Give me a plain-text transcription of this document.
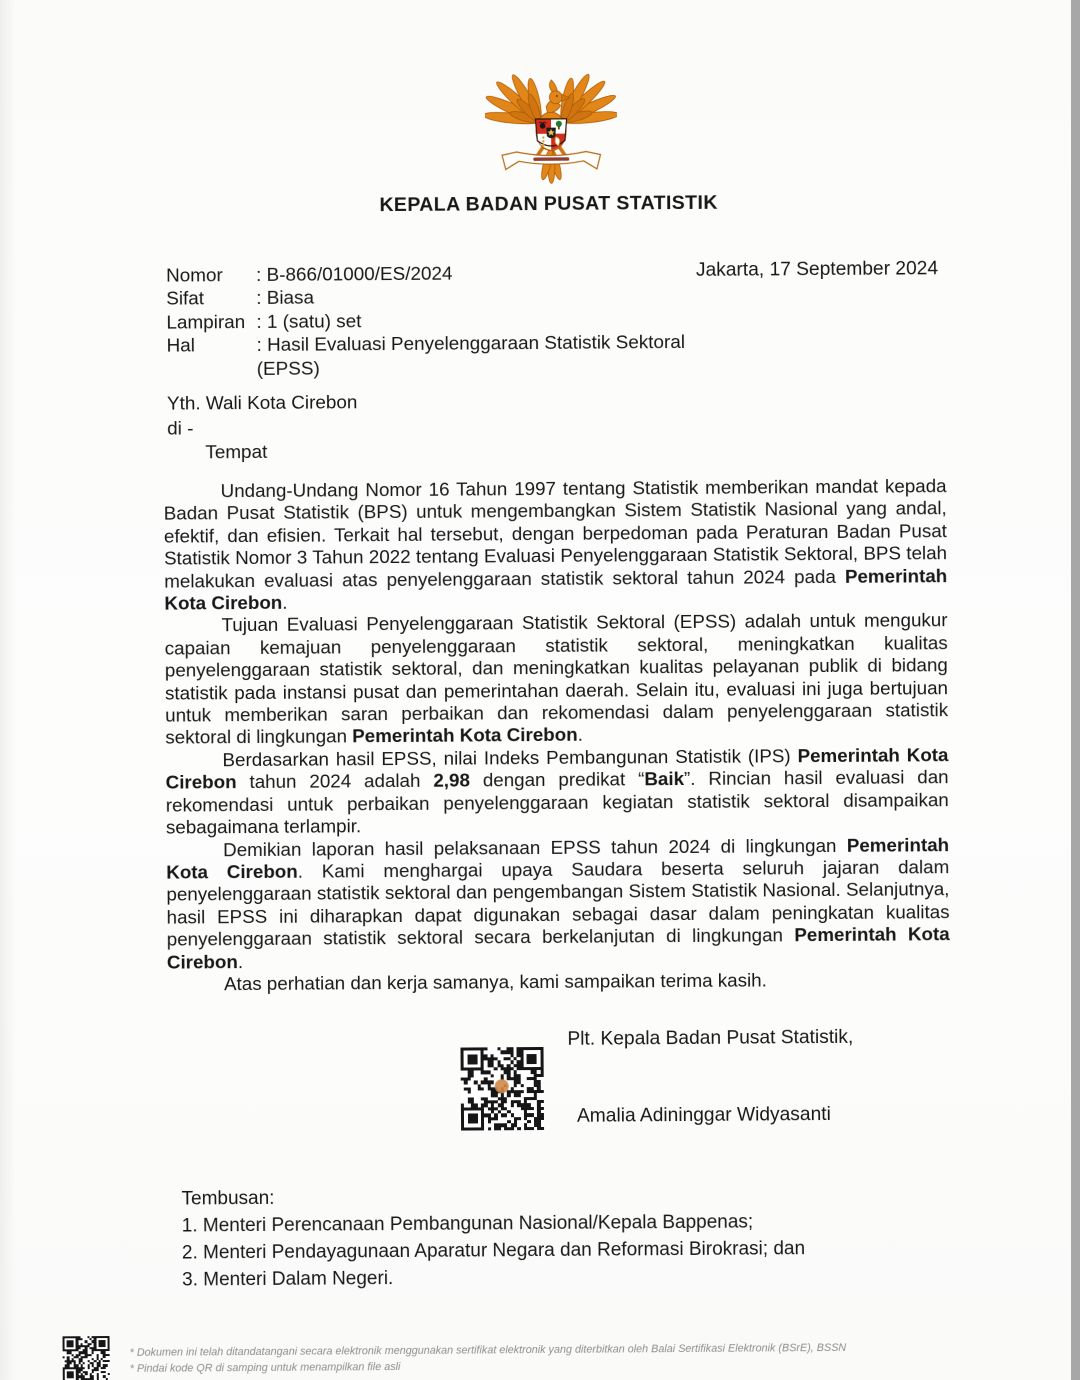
KEPALA BADAN PUSAT STATISTIK
Nomor	: B-866/01000/ES/2024
Sifat	: Biasa
Lampiran : 1 (satu) set
Hal	: Hasil Evaluasi Penyelenggaraan Statistik Sektoral (EPSS)
Jakarta, 17 September 2024
Yth. Wali Kota Cirebon
di -
Tempat

Undang-Undang Nomor 16 Tahun 1997 tentang Statistik memberikan mandat kepada Badan Pusat Statistik (BPS) untuk mengembangkan Sistem Statistik Nasional yang andal, efektif, dan efisien. Terkait hal tersebut, dengan berpedoman pada Peraturan Badan Pusat Statistik Nomor 3 Tahun 2022 tentang Evaluasi Penyelenggaraan Statistik Sektoral, BPS telah melakukan evaluasi atas penyelenggaraan statistik sektoral tahun 2024 pada Pemerintah Kota Cirebon.

Tujuan Evaluasi Penyelenggaraan Statistik Sektoral (EPSS) adalah untuk mengukur capaian kemajuan penyelenggaraan statistik sektoral, meningkatkan kualitas penyelenggaraan statistik sektoral, dan meningkatkan kualitas pelayanan publik di bidang statistik pada instansi pusat dan pemerintahan daerah. Selain itu, evaluasi ini juga bertujuan untuk memberikan saran perbaikan dan rekomendasi dalam penyelenggaraan statistik sektoral di lingkungan Pemerintah Kota Cirebon.

Berdasarkan hasil EPSS, nilai Indeks Pembangunan Statistik (IPS) Pemerintah Kota Cirebon tahun 2024 adalah 2,98 dengan predikat “Baik”. Rincian hasil evaluasi dan rekomendasi untuk perbaikan penyelenggaraan kegiatan statistik sektoral disampaikan sebagaimana terlampir.

Demikian laporan hasil pelaksanaan EPSS tahun 2024 di lingkungan Pemerintah Kota Cirebon. Kami menghargai upaya Saudara beserta seluruh jajaran dalam penyelenggaraan statistik sektoral dan pengembangan Sistem Statistik Nasional. Selanjutnya, hasil EPSS ini diharapkan dapat digunakan sebagai dasar dalam peningkatan kualitas penyelenggaraan statistik sektoral secara berkelanjutan di lingkungan Pemerintah Kota Cirebon.

Atas perhatian dan kerja samanya, kami sampaikan terima kasih.

Plt. Kepala Badan Pusat Statistik,
Amalia Adininggar Widyasanti
Tembusan:
1. Menteri Perencanaan Pembangunan Nasional/Kepala Bappenas;
2. Menteri Pendayagunaan Aparatur Negara dan Reformasi Birokrasi; dan
3. Menteri Dalam Negeri.
* Dokumen ini telah ditandatangani secara elektronik menggunakan sertifikat elektronik yang diterbitkan oleh Balai Sertifikasi Elektronik (BSrE), BSSN
* Pindai kode QR di samping untuk menampilkan file asli
